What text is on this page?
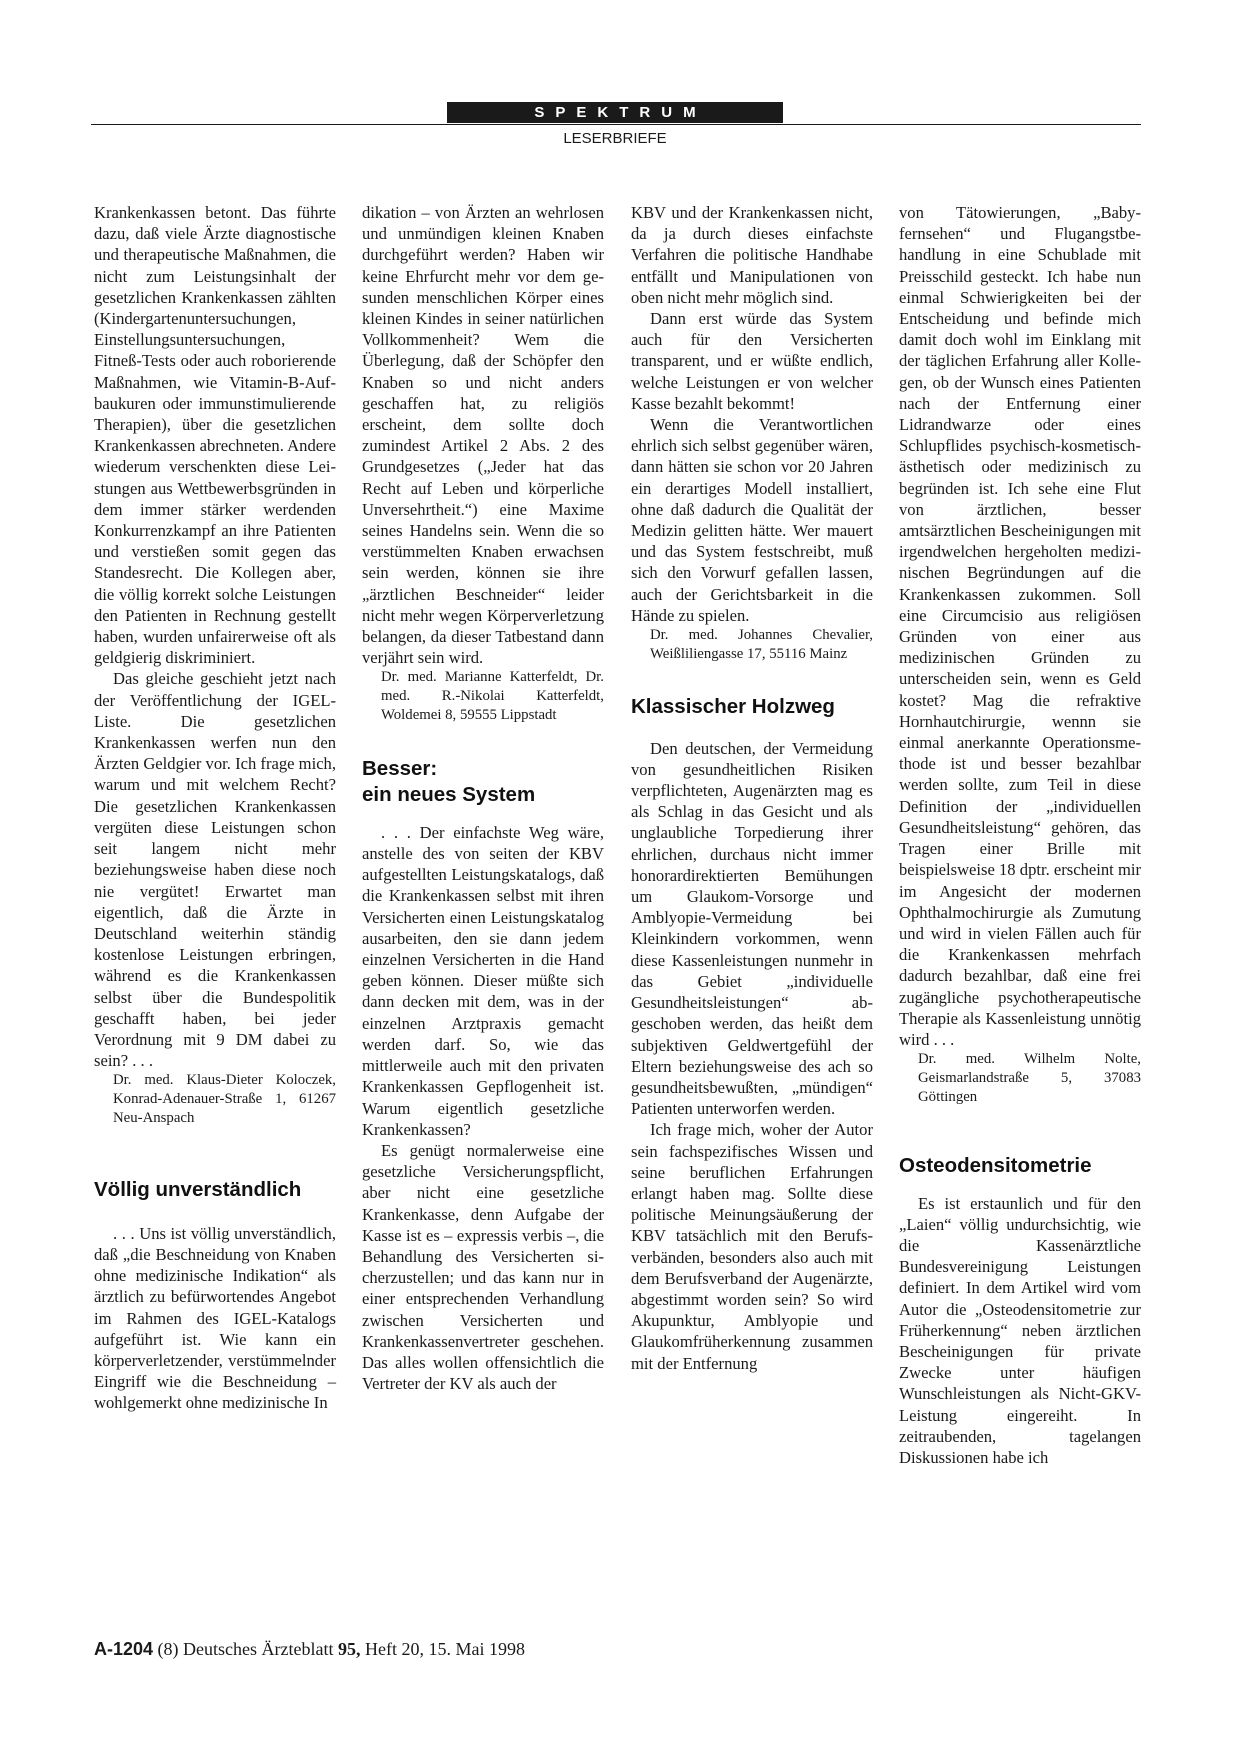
SPEKTRUM
LESERBRIEFE

Krankenkassen betont. Das führte dazu, daß viele Ärzte diagnostische und therapeutische Maßnahmen, die nicht zum Leistungsinhalt der gesetzlichen Krankenkassen zählten (Kindergartenuntersuchungen, Einstellungsuntersuchungen, Fitneß-Tests oder auch roborierende Maßnahmen, wie Vitamin-B-Aufbaukuren oder immunstimulierende Therapien), über die gesetzlichen Krankenkassen abrechneten. Andere wiederum verschenkten diese Leistungen aus Wettbewerbsgründen in dem immer stärker werdenden Konkurrenzkampf an ihre Patienten und verstießen somit gegen das Standesrecht. Die Kollegen aber, die völlig korrekt solche Leistungen den Patienten in Rechnung gestellt haben, wurden unfairerweise oft als geldgierig diskriminiert.

Das gleiche geschieht jetzt nach der Veröffentlichung der IGEL-Liste. Die gesetzlichen Krankenkassen werfen nun den Ärzten Geldgier vor. Ich frage mich, warum und mit welchem Recht? Die gesetzlichen Krankenkassen vergüten diese Leistungen schon seit langem nicht mehr beziehungsweise haben diese noch nie vergütet! Erwartet man eigentlich, daß die Ärzte in Deutschland weiterhin ständig kostenlose Leistungen erbringen, während es die Krankenkassen selbst über die Bundespolitik geschafft haben, bei jeder Verordnung mit 9 DM dabei zu sein? . . .

Dr. med. Klaus-Dieter Koloczek, Konrad-Adenauer-Straße 1, 61267 Neu-Anspach

Völlig unverständlich

. . . Uns ist völlig unverständlich, daß „die Beschneidung von Knaben ohne medizinische Indikation“ als ärztlich zu befürwortendes Angebot im Rahmen des IGEL-Katalogs aufgeführt ist. Wie kann ein körperverletzender, verstümmelnder Eingriff wie die Beschneidung – wohlgemerkt ohne medizinische In

dikation – von Ärzten an wehrlosen und unmündigen kleinen Knaben durchgeführt werden? Haben wir keine Ehrfurcht mehr vor dem gesunden menschlichen Körper eines kleinen Kindes in seiner natürlichen Vollkommenheit? Wem die Überlegung, daß der Schöpfer den Knaben so und nicht anders geschaffen hat, zu religiös erscheint, dem sollte doch zumindest Artikel 2 Abs. 2 des Grundgesetzes („Jeder hat das Recht auf Leben und körperliche Unversehrtheit.“) eine Maxime seines Handelns sein. Wenn die so verstümmelten Knaben erwachsen sein werden, können sie ihre „ärztlichen Beschneider“ leider nicht mehr wegen Körperverletzung belangen, da dieser Tatbestand dann verjährt sein wird.

Dr. med. Marianne Katterfeldt, Dr. med. R.-Nikolai Katterfeldt, Woldemei 8, 59555 Lippstadt

Besser:
ein neues System

. . . Der einfachste Weg wäre, anstelle des von seiten der KBV aufgestellten Leistungskatalogs, daß die Krankenkassen selbst mit ihren Versicherten einen Leistungskatalog ausarbeiten, den sie dann jedem einzelnen Versicherten in die Hand geben können. Dieser müßte sich dann decken mit dem, was in der einzelnen Arztpraxis gemacht werden darf. So, wie das mittlerweile auch mit den privaten Krankenkassen Gepflogenheit ist. Warum eigentlich gesetzliche Krankenkassen?

Es genügt normalerweise eine gesetzliche Versicherungspflicht, aber nicht eine gesetzliche Krankenkasse, denn Aufgabe der Kasse ist es – expressis verbis –, die Behandlung des Versicherten sicherzustellen; und das kann nur in einer entsprechenden Verhandlung zwischen Versicherten und Krankenkassenvertreter geschehen. Das alles wollen offensichtlich die Vertreter der KV als auch der

KBV und der Krankenkassen nicht, da ja durch dieses einfachste Verfahren die politische Handhabe entfällt und Manipulationen von oben nicht mehr möglich sind.

Dann erst würde das System auch für den Versicherten transparent, und er wüßte endlich, welche Leistungen er von welcher Kasse bezahlt bekommt!

Wenn die Verantwortlichen ehrlich sich selbst gegenüber wären, dann hätten sie schon vor 20 Jahren ein derartiges Modell installiert, ohne daß dadurch die Qualität der Medizin gelitten hätte. Wer mauert und das System festschreibt, muß sich den Vorwurf gefallen lassen, auch der Gerichtsbarkeit in die Hände zu spielen.

Dr. med. Johannes Chevalier, Weißliliengasse 17, 55116 Mainz

Klassischer Holzweg

Den deutschen, der Vermeidung von gesundheitlichen Risiken verpflichteten, Augenärzten mag es als Schlag in das Gesicht und als unglaubliche Torpedierung ihrer ehrlichen, durchaus nicht immer honorardirektierten Bemühungen um Glaukom-Vorsorge und Amblyopie-Vermeidung bei Kleinkindern vorkommen, wenn diese Kassenleistungen nunmehr in das Gebiet „individuelle Gesundheitsleistungen“ abgeschoben werden, das heißt dem subjektiven Geldwertgefühl der Eltern beziehungsweise des ach so gesundheitsbewußten, „mündigen“ Patienten unterworfen werden.

Ich frage mich, woher der Autor sein fachspezifisches Wissen und seine beruflichen Erfahrungen erlangt haben mag. Sollte diese politische Meinungsäußerung der KBV tatsächlich mit den Berufsverbänden, besonders also auch mit dem Berufsverband der Augenärzte, abgestimmt worden sein? So wird Akupunktur, Amblyopie und Glaukomfrüherkennung zusammen mit der Entfernung

von Tätowierungen, „Babyfernsehen“ und Flugangstbehandlung in eine Schublade mit Preisschild gesteckt. Ich habe nun einmal Schwierigkeiten bei der Entscheidung und befinde mich damit doch wohl im Einklang mit der täglichen Erfahrung aller Kollegen, ob der Wunsch eines Patienten nach der Entfernung einer Lidrandwarze oder eines Schlupflides psychisch-kosmetisch-ästhetisch oder medizinisch zu begründen ist. Ich sehe eine Flut von ärztlichen, besser amtsärztlichen Bescheinigungen mit irgendwelchen hergeholten medizinischen Begründungen auf die Krankenkassen zukommen. Soll eine Circumcisio aus religiösen Gründen von einer aus medizinischen Gründen zu unterscheiden sein, wenn es Geld kostet? Mag die refraktive Hornhautchirurgie, wennn sie einmal anerkannte Operationsmethode ist und besser bezahlbar werden sollte, zum Teil in diese Definition der „individuellen Gesundheitsleistung“ gehören, das Tragen einer Brille mit beispielsweise 18 dptr. erscheint mir im Angesicht der modernen Ophthalmochirurgie als Zumutung und wird in vielen Fällen auch für die Krankenkassen mehrfach dadurch bezahlbar, daß eine frei zugängliche psychotherapeutische Therapie als Kassenleistung unnötig wird . . .

Dr. med. Wilhelm Nolte, Geismarlandstraße 5, 37083 Göttingen

Osteodensitometrie

Es ist erstaunlich und für den „Laien“ völlig undurchsichtig, wie die Kassenärztliche Bundesvereinigung Leistungen definiert. In dem Artikel wird vom Autor die „Osteodensitometrie zur Früherkennung“ neben ärztlichen Bescheinigungen für private Zwecke unter häufigen Wunschleistungen als Nicht-GKV-Leistung eingereiht. In zeitraubenden, tagelangen Diskussionen habe ich

A-1204 (8) Deutsches Ärzteblatt 95, Heft 20, 15. Mai 1998
